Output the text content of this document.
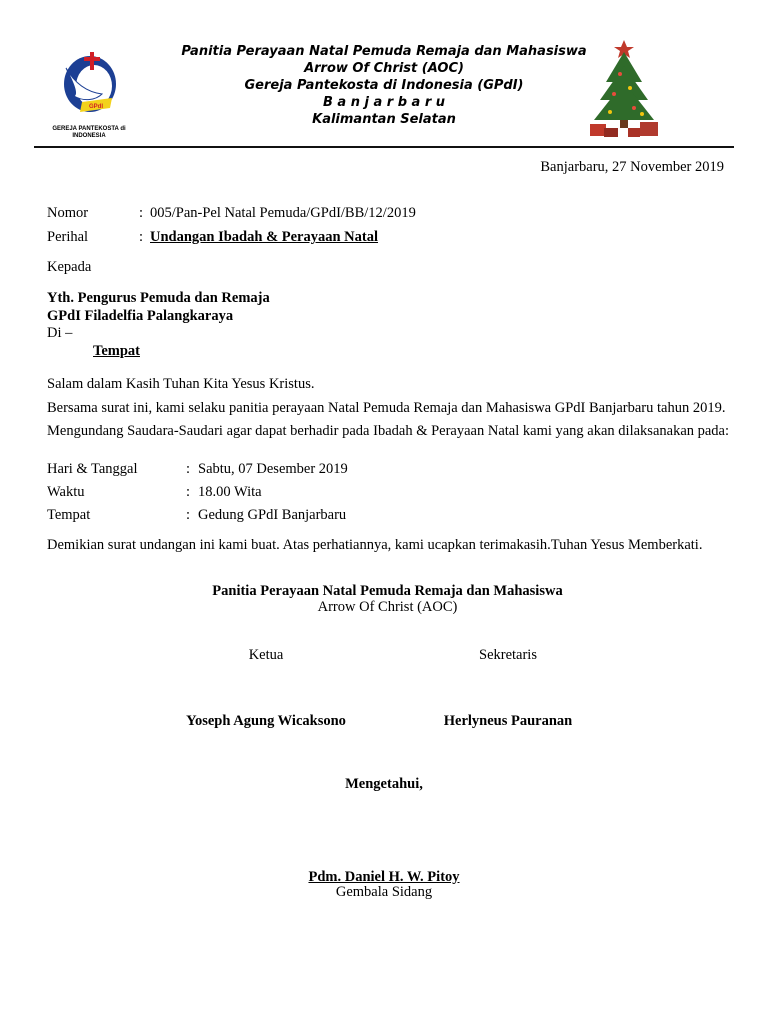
GPdI
GEREJA PANTEKOSTA di INDONESIA
Panitia Perayaan Natal Pemuda Remaja dan Mahasiswa
Arrow Of Christ (AOC)
Gereja Pantekosta di Indonesia (GPdI)
B a n j a r b a r u
Kalimantan Selatan
Banjarbaru, 27 November 2019
Nomor	: 005/Pan-Pel Natal Pemuda/GPdI/BB/12/2019
Perihal	: Undangan Ibadah & Perayaan Natal
Kepada
Yth. Pengurus Pemuda dan Remaja
GPdI Filadelfia Palangkaraya
Di –
Tempat
Salam dalam Kasih Tuhan Kita Yesus Kristus.
Bersama surat ini, kami selaku panitia perayaan Natal Pemuda Remaja dan Mahasiswa GPdI Banjarbaru tahun 2019.
Mengundang Saudara-Saudari agar dapat berhadir pada Ibadah & Perayaan Natal kami yang akan dilaksanakan pada:
Hari & Tanggal	: Sabtu, 07 Desember 2019
Waktu	: 18.00 Wita
Tempat	: Gedung GPdI Banjarbaru
Demikian surat undangan ini kami buat. Atas perhatiannya, kami ucapkan terimakasih.Tuhan Yesus Memberkati.
Panitia Perayaan Natal Pemuda Remaja dan Mahasiswa
Arrow Of Christ (AOC)
Ketua	Sekretaris
Yoseph Agung Wicaksono	Herlyneus Pauranan
Mengetahui,
Pdm. Daniel H. W. Pitoy
Gembala Sidang
